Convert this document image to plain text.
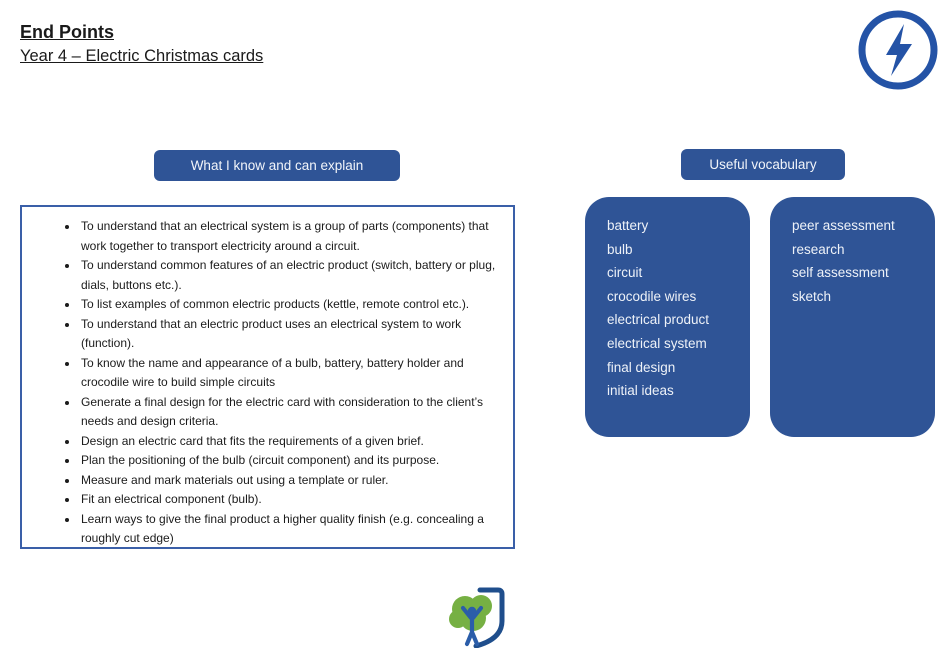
End Points
Year 4 – Electric Christmas cards
What I know and can explain
• To understand that an electrical system is a group of parts (components) that work together to transport electricity around a circuit.
• To understand common features of an electric product (switch, battery or plug, dials, buttons etc.).
• To list examples of common electric products (kettle, remote control etc.).
• To understand that an electric product uses an electrical system to work (function).
• To know the name and appearance of a bulb, battery, battery holder and crocodile wire to build simple circuits
• Generate a final design for the electric card with consideration to the client’s needs and design criteria.
• Design an electric card that fits the requirements of a given brief.
• Plan the positioning of the bulb (circuit component) and its purpose.
• Measure and mark materials out using a template or ruler.
• Fit an electrical component (bulb).
• Learn ways to give the final product a higher quality finish (e.g. concealing a roughly cut edge)
Useful vocabulary
battery
bulb
circuit
crocodile wires
electrical product
electrical system
final design
initial ideas
peer assessment
research
self assessment
sketch
